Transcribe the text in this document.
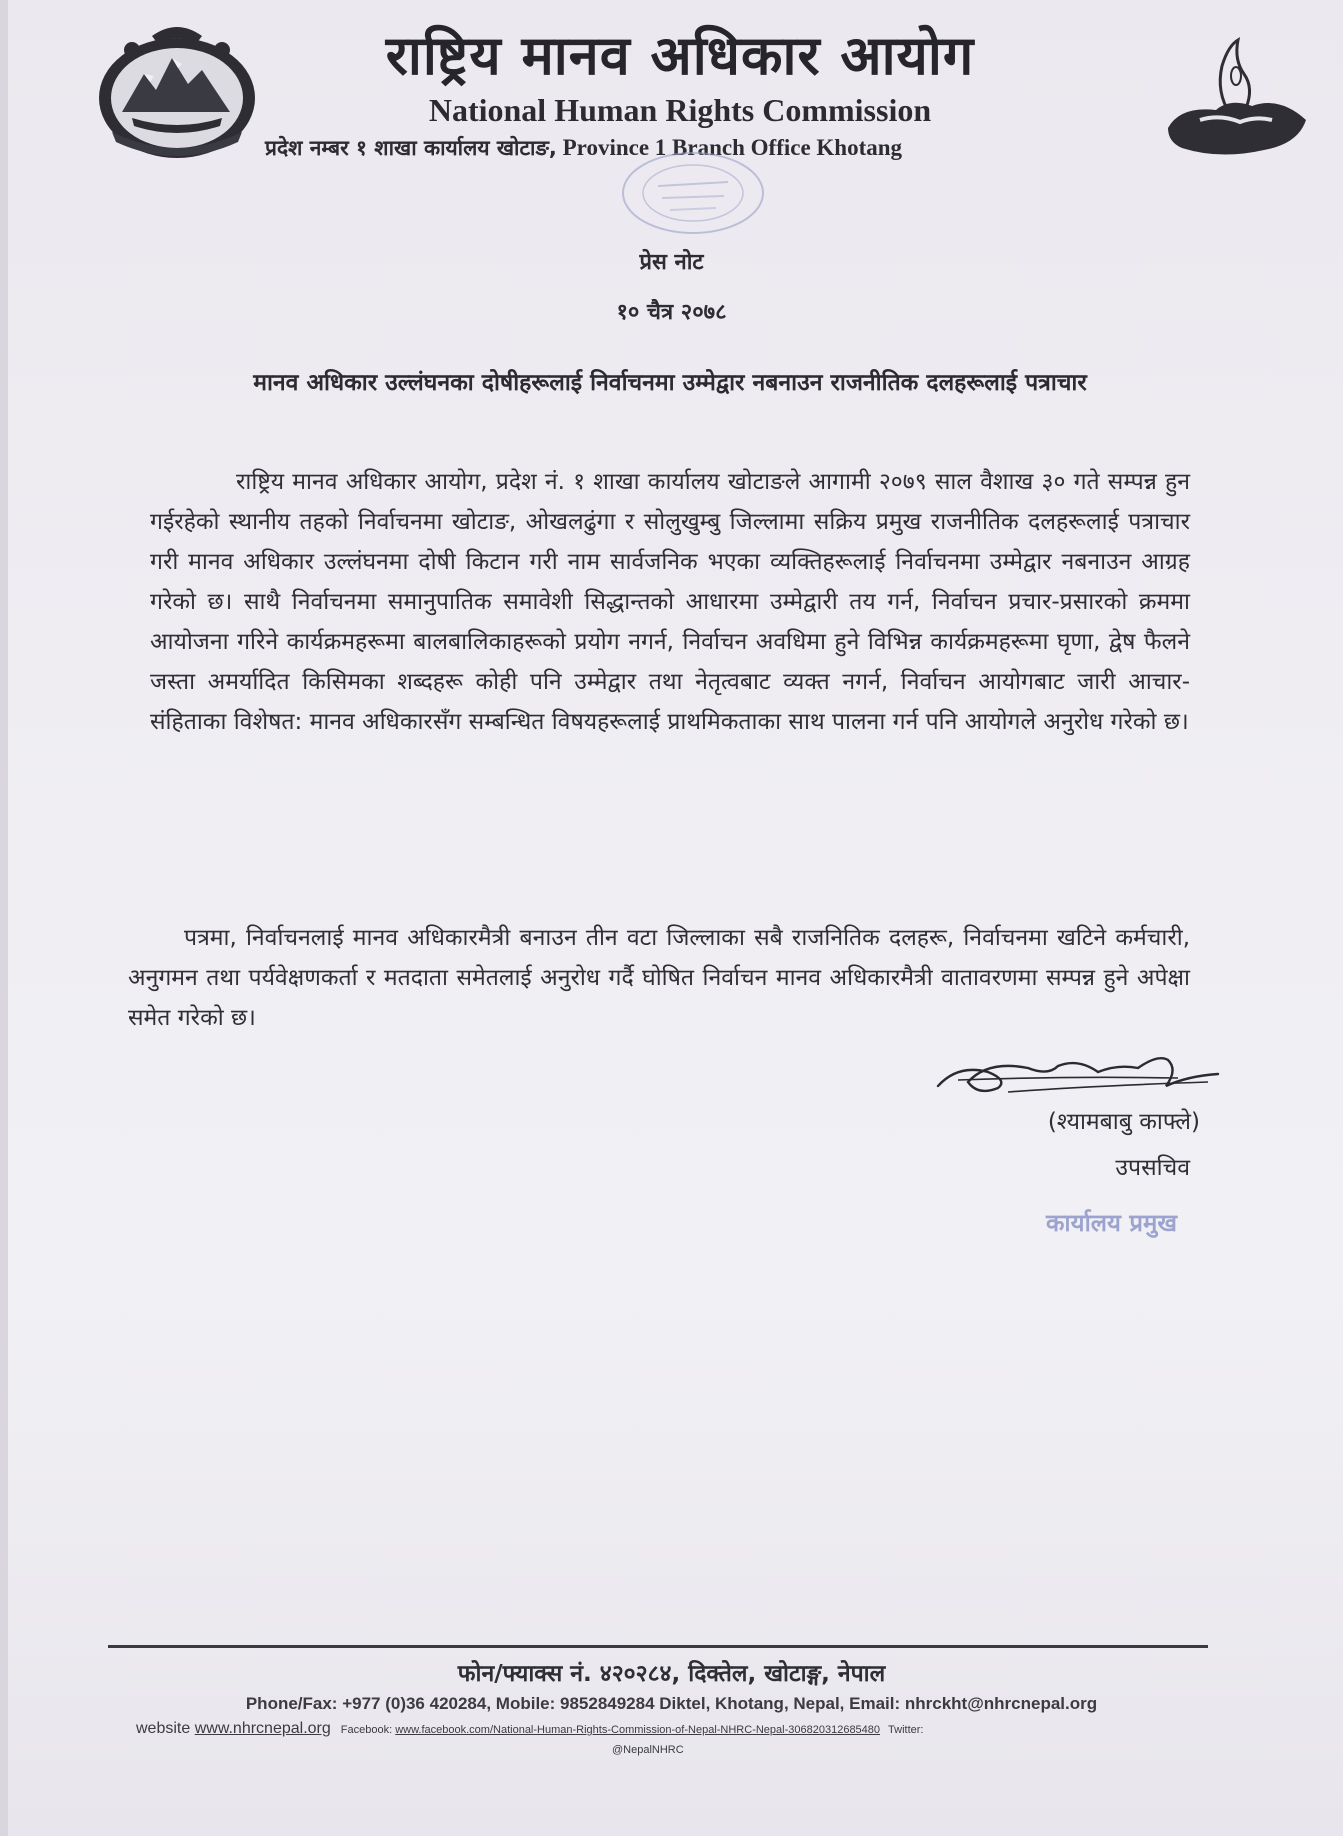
राष्ट्रिय मानव अधिकार आयोग
National Human Rights Commission
प्रदेश नम्बर १ शाखा कार्यालय खोटाङ, Province 1 Branch Office Khotang
प्रेस नोट
१० चैत्र २०७८
मानव अधिकार उल्लंघनका दोषीहरूलाई निर्वाचनमा उम्मेद्वार नबनाउन राजनीतिक दलहरूलाई पत्राचार
राष्ट्रिय मानव अधिकार आयोग, प्रदेश नं. १ शाखा कार्यालय खोटाङले आगामी २०७९ साल वैशाख ३० गते सम्पन्न हुन गईरहेको स्थानीय तहको निर्वाचनमा खोटाङ, ओखलढुंगा र सोलुखुम्बु जिल्लामा सक्रिय प्रमुख राजनीतिक दलहरूलाई पत्राचार गरी मानव अधिकार उल्लंघनमा दोषी किटान गरी नाम सार्वजनिक भएका व्यक्तिहरूलाई निर्वाचनमा उम्मेद्वार नबनाउन आग्रह गरेको छ। साथै निर्वाचनमा समानुपातिक समावेशी सिद्धान्तको आधारमा उम्मेद्वारी तय गर्न, निर्वाचन प्रचार-प्रसारको क्रममा आयोजना गरिने कार्यक्रमहरूमा बालबालिकाहरूको प्रयोग नगर्न, निर्वाचन अवधिमा हुने विभिन्न कार्यक्रमहरूमा घृणा, द्वेष फैलने जस्ता अमर्यादित किसिमका शब्दहरू कोही पनि उम्मेद्वार तथा नेतृत्वबाट व्यक्त नगर्न, निर्वाचन आयोगबाट जारी आचार-संहिताका विशेषत: मानव अधिकारसँग सम्बन्धित विषयहरूलाई प्राथमिकताका साथ पालना गर्न पनि आयोगले अनुरोध गरेको छ।
पत्रमा, निर्वाचनलाई मानव अधिकारमैत्री बनाउन तीन वटा जिल्लाका सबै राजनितिक दलहरू, निर्वाचनमा खटिने कर्मचारी, अनुगमन तथा पर्यवेक्षणकर्ता र मतदाता समेतलाई अनुरोध गर्दै घोषित निर्वाचन मानव अधिकारमैत्री वातावरणमा सम्पन्न हुने अपेक्षा समेत गरेको छ।
(श्यामबाबु काफ्ले)
उपसचिव
कार्यालय प्रमुख
फोन/फ्याक्स नं. ४२०२८४, दिक्तेल, खोटाङ्ग, नेपाल
Phone/Fax: +977 (0)36 420284, Mobile: 9852849284 Diktel, Khotang, Nepal, Email: nhrckht@nhrcnepal.org
website www.nhrcnepal.org Facebook: www.facebook.com/National-Human-Rights-Commission-of-Nepal-NHRC-Nepal-306820312685480 Twitter:
@NepalNHRC
